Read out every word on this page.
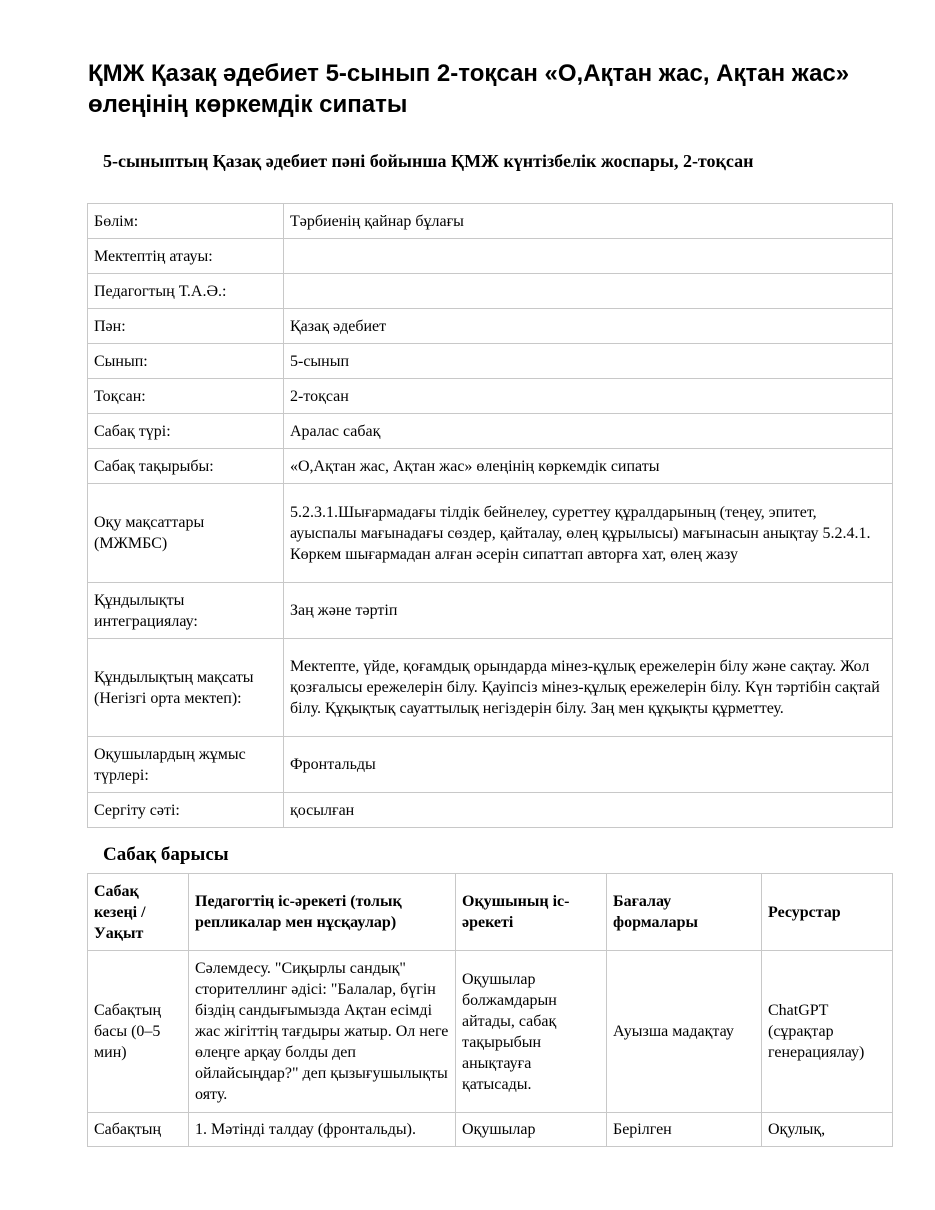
ҚМЖ Қазақ әдебиет 5-сынып 2-тоқсан «О,Ақтан жас, Ақтан жас» өлеңінің көркемдік сипаты
5-сыныптың Қазақ әдебиет пәні бойынша ҚМЖ күнтізбелік жоспары, 2-тоқсан
Бөлім:	Тәрбиенің қайнар бұлағы
Мектептің атауы:	
Педагогтың Т.А.Ә.:	
Пән:	Қазақ әдебиет
Сынып:	5-сынып
Тоқсан:	2-тоқсан
Сабақ түрі:	Аралас сабақ
Сабақ тақырыбы:	«О,Ақтан жас, Ақтан жас» өлеңінің көркемдік сипаты
Оқу мақсаттары (МЖМБС)	5.2.3.1.Шығармадағы тілдік бейнелеу, суреттеу құралдарының (теңеу, эпитет, ауыспалы мағынадағы сөздер, қайталау, өлең құрылысы) мағынасын анықтау 5.2.4.1. Көркем шығармадан алған әсерін сипаттап авторға хат, өлең жазу
Құндылықты интеграциялау:	Заң және тәртіп
Құндылықтың мақсаты (Негізгі орта мектеп):	Мектепте, үйде, қоғамдық орындарда мінез-құлық ережелерін білу және сақтау. Жол қозғалысы ережелерін білу. Қауіпсіз мінез-құлық ережелерін білу. Күн тәртібін сақтай білу. Құқықтық сауаттылық негіздерін білу. Заң мен құқықты құрметтеу.
Оқушылардың жұмыс түрлері:	Фронтальды
Сергіту сәті:	қосылған
Сабақ барысы
Сабақ кезеңі / Уақыт	Педагогтің іс-әрекеті (толық репликалар мен нұсқаулар)	Оқушының іс-әрекеті	Бағалау формалары	Ресурстар
Сабақтың басы (0–5 мин)	Сәлемдесу. "Сиқырлы сандық" сторителлинг әдісі: "Балалар, бүгін біздің сандығымызда Ақтан есімді жас жігіттің тағдыры жатыр. Ол неге өлеңге арқау болды деп ойлайсыңдар?" деп қызығушылықты ояту.	Оқушылар болжамдарын айтады, сабақ тақырыбын анықтауға қатысады.	Ауызша мадақтау	ChatGPT (сұрақтар генерациялау)
Сабақтың	1. Мәтінді талдау (фронтальды).	Оқушылар	Берілген	Оқулық,
